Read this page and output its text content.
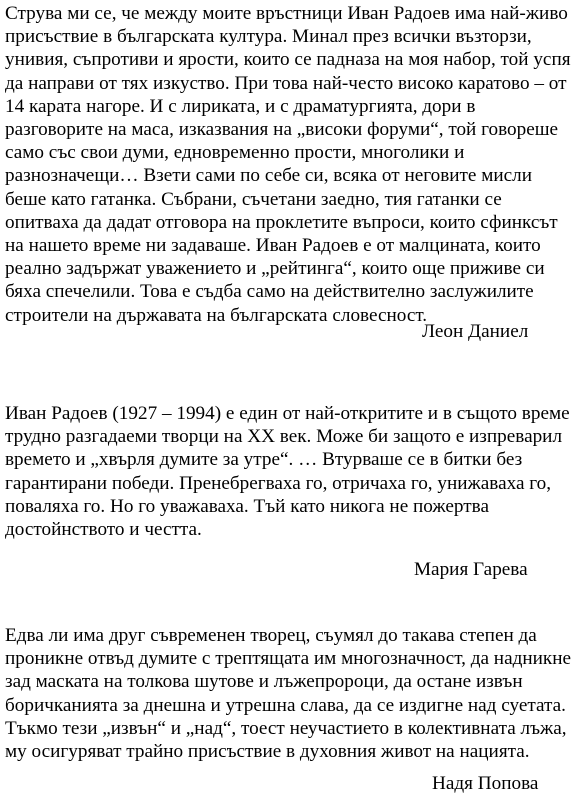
Струва ми се, че между моите връстници Иван Радоев има най-живо
присъствие в българската култура. Минал през всички възторзи,
унивия, съпротиви и ярости, които се падназа на моя набор, той успя
да направи от тях изкуство. При това най-често високо каратово – от
14 карата нагоре. И с лириката, и с драматургията, дори в
разговорите на маса, изказвания на „високи форуми“, той говореше
само със свои думи, едновременно прости, многолики и
разнозначещи… Взети сами по себе си, всяка от неговите мисли
беше като гатанка. Събрани, съчетани заедно, тия гатанки се
опитваха да дадат отговора на проклетите въпроси, които сфинксът
на нашето време ни задаваше. Иван Радоев е от малцината, които
реално задържат уважението и „рейтинга“, които още приживе си
бяха спечелили. Това е съдба само на действително заслужилите
строители на държавата на българската словесност.

Леон Даниел

Иван Радоев (1927 – 1994) е един от най-откритите и в същото време
трудно разгадаеми творци на ХХ век. Може би защото е изпреварил
времето и „хвърля думите за утре“. … Втурваше се в битки без
гарантирани победи. Пренебрегваха го, отричаха го, унижаваха го,
поваляха го. Но го уважаваха. Тъй като никога не пожертва
достойнството и честта.

Мария Гарева

Едва ли има друг съвременен творец, съумял до такава степен да
проникне отвъд думите с трептящата им многозначност, да надникне
зад маската на толкова шутове и лъжепророци, да остане извън
боричканията за днешна и утрешна слава, да се издигне над суетата.
Тъкмо тези „извън“ и „над“, тоест неучастието в колективната лъжа,
му осигуряват трайно присъствие в духовния живот на нацията.

Надя Попова
